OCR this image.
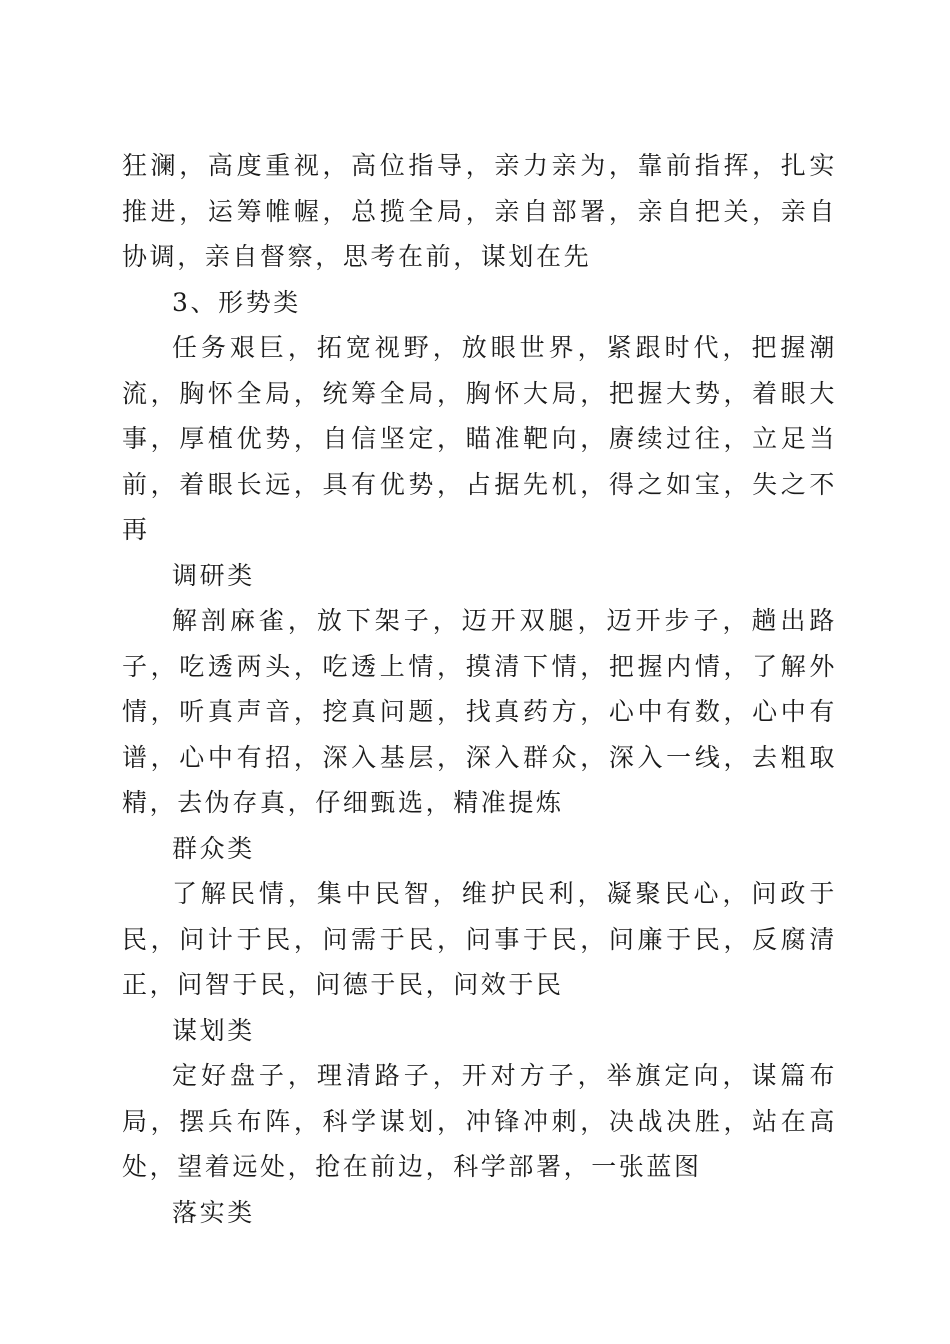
狂澜，高度重视，高位指导，亲力亲为，靠前指挥，扎实推进，运筹帷幄，总揽全局，亲自部署，亲自把关，亲自协调，亲自督察，思考在前，谋划在先

3、形势类

任务艰巨，拓宽视野，放眼世界，紧跟时代，把握潮流，胸怀全局，统筹全局，胸怀大局，把握大势，着眼大事，厚植优势，自信坚定，瞄准靶向，赓续过往，立足当前，着眼长远，具有优势，占据先机，得之如宝，失之不再

调研类

解剖麻雀，放下架子，迈开双腿，迈开步子，趟出路子，吃透两头，吃透上情，摸清下情，把握内情，了解外情，听真声音，挖真问题，找真药方，心中有数，心中有谱，心中有招，深入基层，深入群众，深入一线，去粗取精，去伪存真，仔细甄选，精准提炼

群众类

了解民情，集中民智，维护民利，凝聚民心，问政于民，问计于民，问需于民，问事于民，问廉于民，反腐清正，问智于民，问德于民，问效于民

谋划类

定好盘子，理清路子，开对方子，举旗定向，谋篇布局，摆兵布阵，科学谋划，冲锋冲刺，决战决胜，站在高处，望着远处，抢在前边，科学部署，一张蓝图

落实类
